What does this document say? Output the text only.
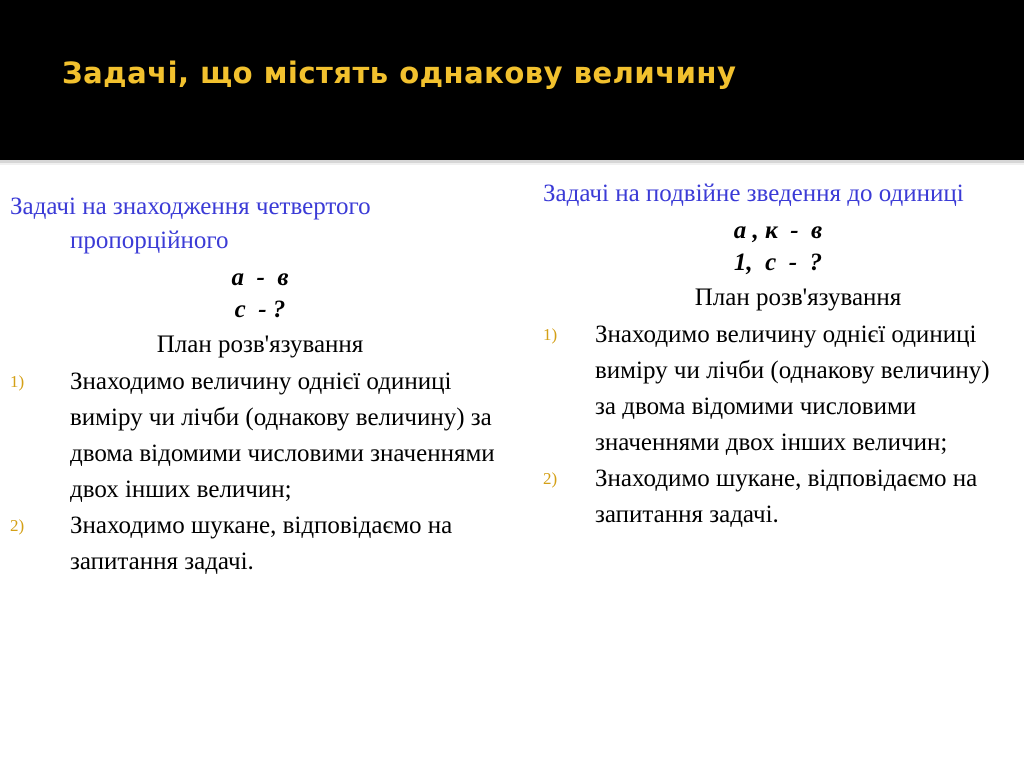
Задачі, що містять однакову величину
Задачі на знаходження четвертого пропорційного
а  -  в
с  - ?
План розв'язування
1) Знаходимо величину однієї одиниці виміру чи лічби (однакову величину) за двома відомими числовими значеннями двох інших величин;
2) Знаходимо шукане, відповідаємо на запитання задачі.
Задачі на подвійне зведення до одиниці
а , к  -  в
1,  с  -  ?
План розв'язування
1) Знаходимо величину однієї одиниці виміру чи лічби (однакову величину) за двома відомими числовими значеннями двох інших величин;
2) Знаходимо шукане, відповідаємо на запитання задачі.
